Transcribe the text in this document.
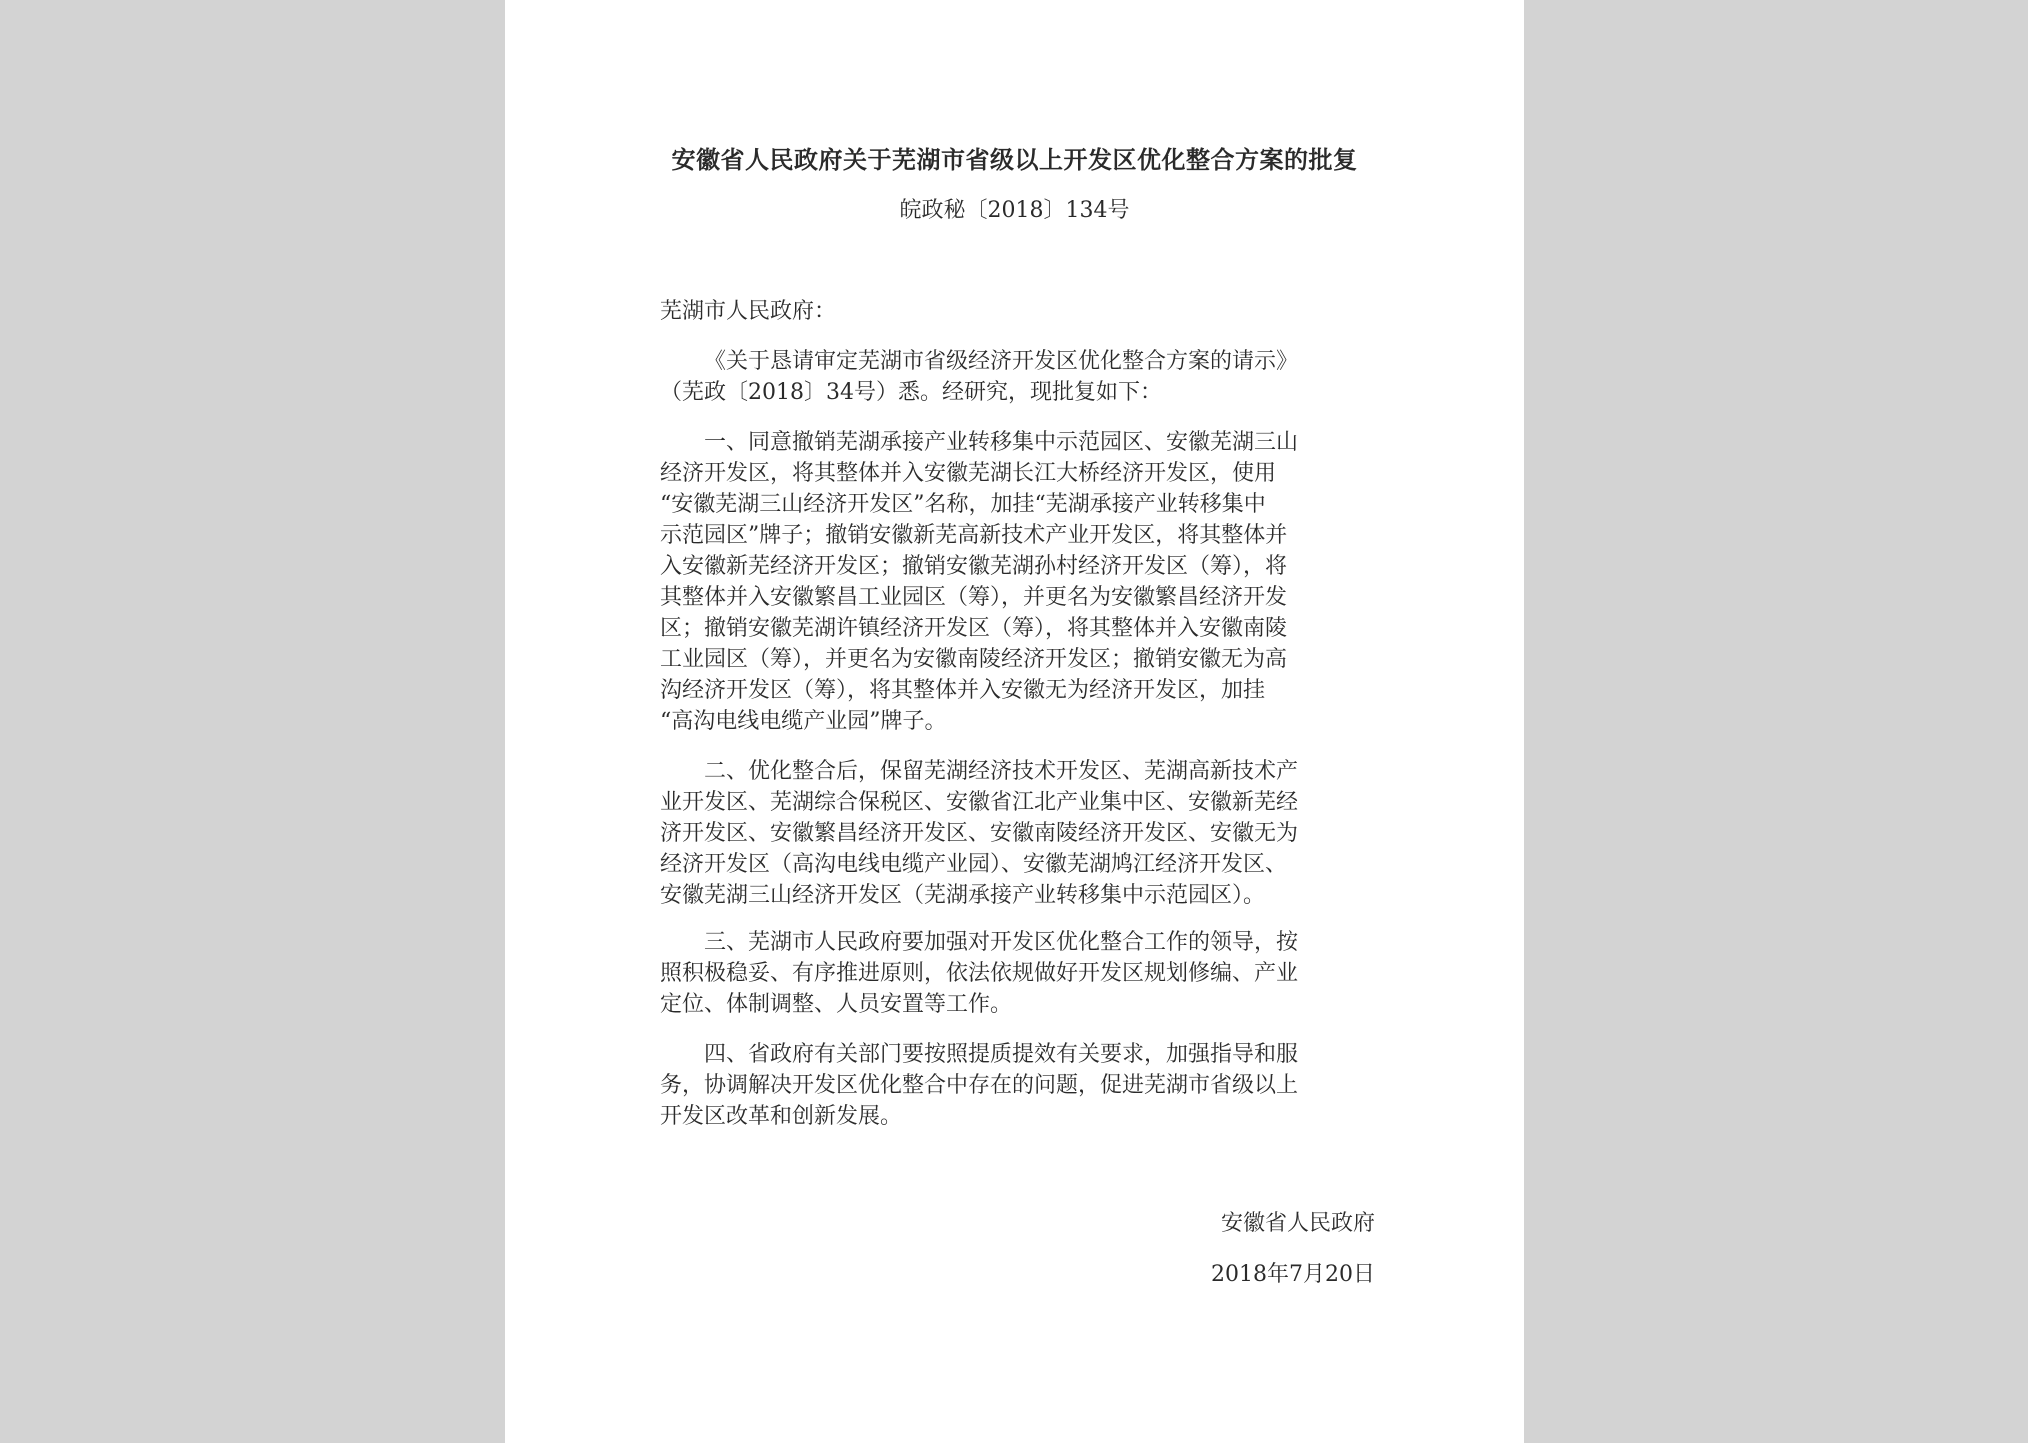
安徽省人民政府关于芜湖市省级以上开发区优化整合方案的批复
皖政秘〔2018〕134号
芜湖市人民政府：
《关于恳请审定芜湖市省级经济开发区优化整合方案的请示》
（芜政〔2018〕34号）悉。经研究，现批复如下：
一、同意撤销芜湖承接产业转移集中示范园区、安徽芜湖三山
经济开发区，将其整体并入安徽芜湖长江大桥经济开发区，使用
“安徽芜湖三山经济开发区”名称，加挂“芜湖承接产业转移集中
示范园区”牌子；撤销安徽新芜高新技术产业开发区，将其整体并
入安徽新芜经济开发区；撤销安徽芜湖孙村经济开发区（筹），将
其整体并入安徽繁昌工业园区（筹），并更名为安徽繁昌经济开发
区；撤销安徽芜湖许镇经济开发区（筹），将其整体并入安徽南陵
工业园区（筹），并更名为安徽南陵经济开发区；撤销安徽无为高
沟经济开发区（筹），将其整体并入安徽无为经济开发区，加挂
“高沟电线电缆产业园”牌子。
二、优化整合后，保留芜湖经济技术开发区、芜湖高新技术产
业开发区、芜湖综合保税区、安徽省江北产业集中区、安徽新芜经
济开发区、安徽繁昌经济开发区、安徽南陵经济开发区、安徽无为
经济开发区（高沟电线电缆产业园）、安徽芜湖鸠江经济开发区、
安徽芜湖三山经济开发区（芜湖承接产业转移集中示范园区）。
三、芜湖市人民政府要加强对开发区优化整合工作的领导，按
照积极稳妥、有序推进原则，依法依规做好开发区规划修编、产业
定位、体制调整、人员安置等工作。
四、省政府有关部门要按照提质提效有关要求，加强指导和服
务，协调解决开发区优化整合中存在的问题，促进芜湖市省级以上
开发区改革和创新发展。
安徽省人民政府
2018年7月20日
